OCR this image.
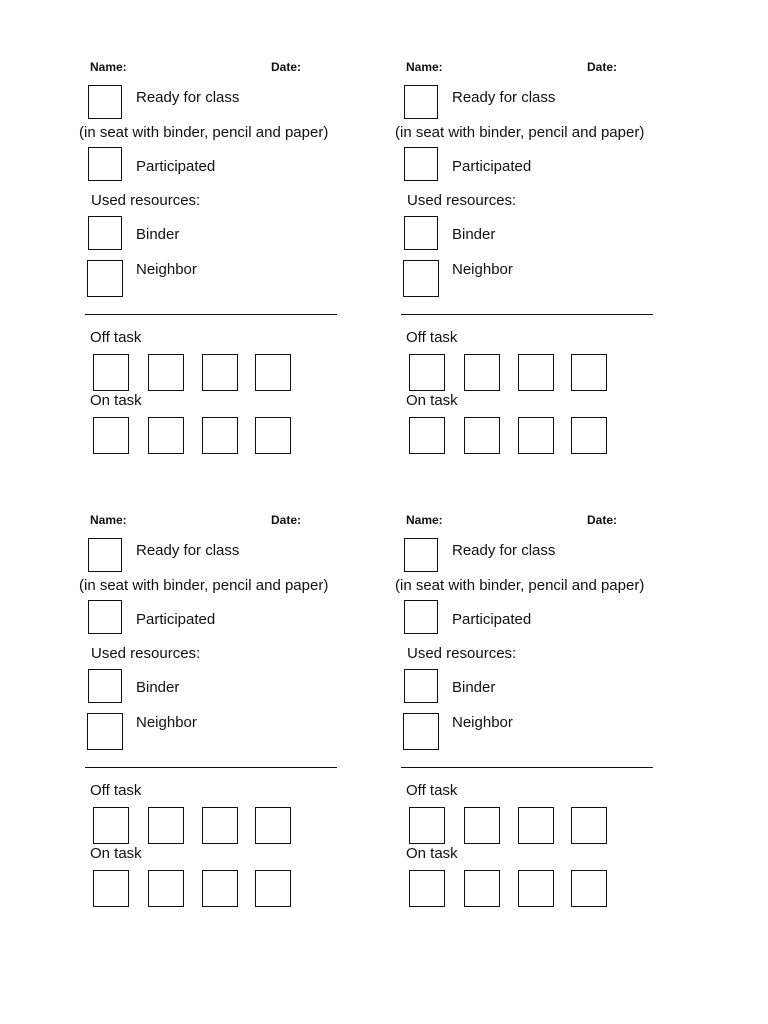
Name:	Date:
Ready for class
(in seat with binder, pencil and paper)
Participated
Used resources:
Binder
Neighbor
Off task
On task
Name:	Date:
Ready for class
(in seat with binder, pencil and paper)
Participated
Used resources:
Binder
Neighbor
Off task
On task
Name:	Date:
Ready for class
(in seat with binder, pencil and paper)
Participated
Used resources:
Binder
Neighbor
Off task
On task
Name:	Date:
Ready for class
(in seat with binder, pencil and paper)
Participated
Used resources:
Binder
Neighbor
Off task
On task
